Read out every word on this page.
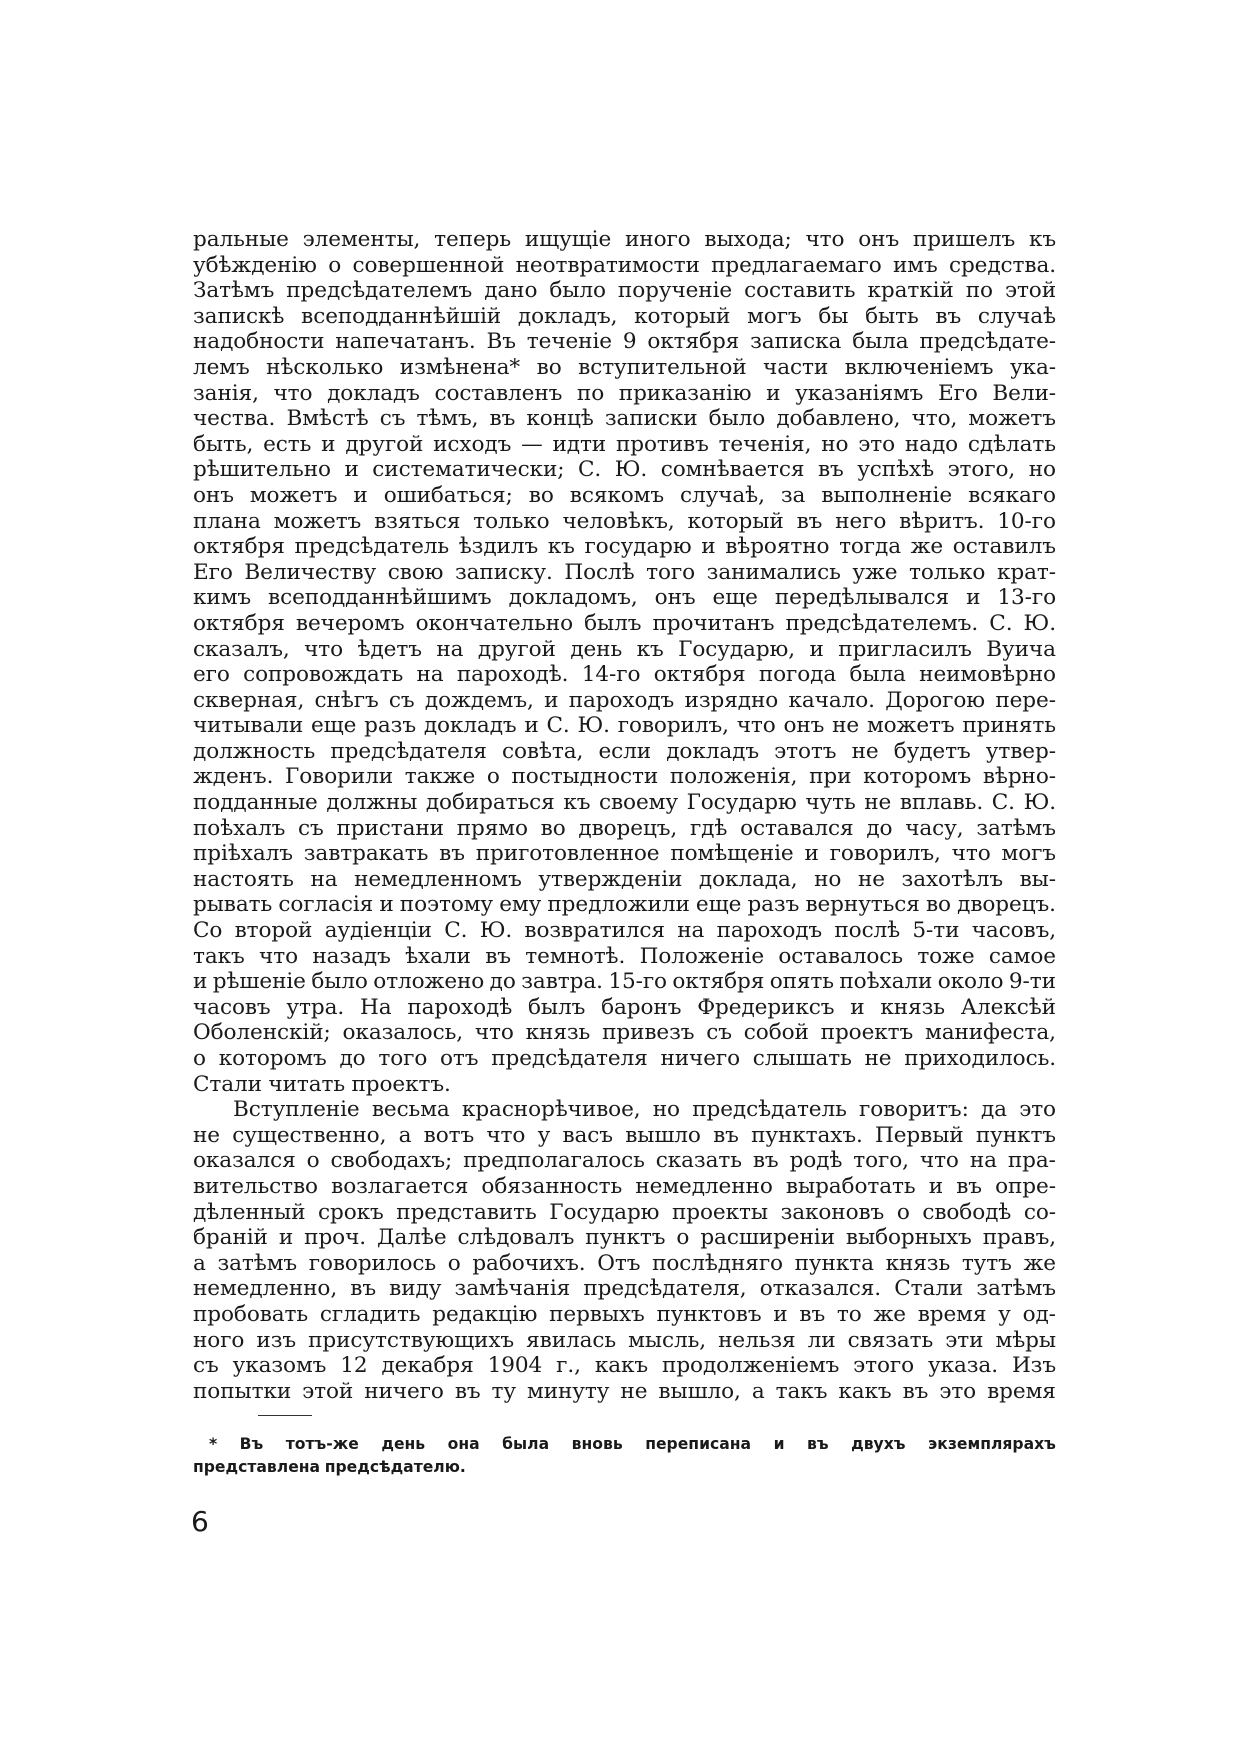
ральные элементы, теперь ищущіе иного выхода; что онъ пришелъ къ
убѣжденію о совершенной неотвратимости предлагаемаго имъ средства.
Затѣмъ предсѣдателемъ дано было порученіе составить краткій по этой
запискѣ всеподданнѣйшій докладъ, который могъ бы быть въ случаѣ
надобности напечатанъ. Въ теченіе 9 октября записка была предсѣдате-
лемъ нѣсколько измѣнена* во вступительной части включеніемъ ука-
занія, что докладъ составленъ по приказанію и указаніямъ Его Вели-
чества. Вмѣстѣ съ тѣмъ, въ концѣ записки было добавлено, что, можетъ
быть, есть и другой исходъ — идти противъ теченія, но это надо сдѣлать
рѣшительно и систематически; С. Ю. сомнѣвается въ успѣхѣ этого, но
онъ можетъ и ошибаться; во всякомъ случаѣ, за выполненіе всякаго
плана можетъ взяться только человѣкъ, который въ него вѣритъ. 10-го
октября предсѣдатель ѣздилъ къ государю и вѣроятно тогда же оставилъ
Его Величеству свою записку. Послѣ того занимались уже только крат-
кимъ всеподданнѣйшимъ докладомъ, онъ еще передѣлывался и 13-го
октября вечеромъ окончательно былъ прочитанъ предсѣдателемъ. С. Ю.
сказалъ, что ѣдетъ на другой день къ Государю, и пригласилъ Вуича
его сопровождать на пароходѣ. 14-го октября погода была неимовѣрно
скверная, снѣгъ съ дождемъ, и пароходъ изрядно качало. Дорогою пере-
читывали еще разъ докладъ и С. Ю. говорилъ, что онъ не можетъ принять
должность предсѣдателя совѣта, если докладъ этотъ не будетъ утвер-
жденъ. Говорили также о постыдности положенія, при которомъ вѣрно-
подданные должны добираться къ своему Государю чуть не вплавь. С. Ю.
поѣхалъ съ пристани прямо во дворецъ, гдѣ оставался до часу, затѣмъ
пріѣхалъ завтракать въ приготовленное помѣщеніе и говорилъ, что могъ
настоять на немедленномъ утвержденіи доклада, но не захотѣлъ вы-
рывать согласія и поэтому ему предложили еще разъ вернуться во дворецъ.
Со второй аудіенціи С. Ю. возвратился на пароходъ послѣ 5-ти часовъ,
такъ что назадъ ѣхали въ темнотѣ. Положеніе оставалось тоже самое
и рѣшеніе было отложено до завтра. 15-го октября опять поѣхали около 9-ти
часовъ утра. На пароходѣ былъ баронъ Фредериксъ и князь Алексѣй
Оболенскій; оказалось, что князь привезъ съ собой проектъ манифеста,
о которомъ до того отъ предсѣдателя ничего слышать не приходилось.
Стали читать проектъ.
Вступленіе весьма краснорѣчивое, но предсѣдатель говоритъ: да это
не существенно, а вотъ что у васъ вышло въ пунктахъ. Первый пунктъ
оказался о свободахъ; предполагалось сказать въ родѣ того, что на пра-
вительство возлагается обязанность немедленно выработать и въ опре-
дѣленный срокъ представить Государю проекты законовъ о свободѣ со-
браній и проч. Далѣе слѣдовалъ пунктъ о расширеніи выборныхъ правъ,
а затѣмъ говорилось о рабочихъ. Отъ послѣдняго пункта князь тутъ же
немедленно, въ виду замѣчанія предсѣдателя, отказался. Стали затѣмъ
пробовать сгладить редакцію первыхъ пунктовъ и въ то же время у од-
ного изъ присутствующихъ явилась мысль, нельзя ли связать эти мѣры
съ указомъ 12 декабря 1904 г., какъ продолженіемъ этого указа. Изъ
попытки этой ничего въ ту минуту не вышло, а такъ какъ въ это время
* Въ тотъ-же день она была вновь переписана и въ двухъ экземплярахъ
представлена предсѣдателю.
6
